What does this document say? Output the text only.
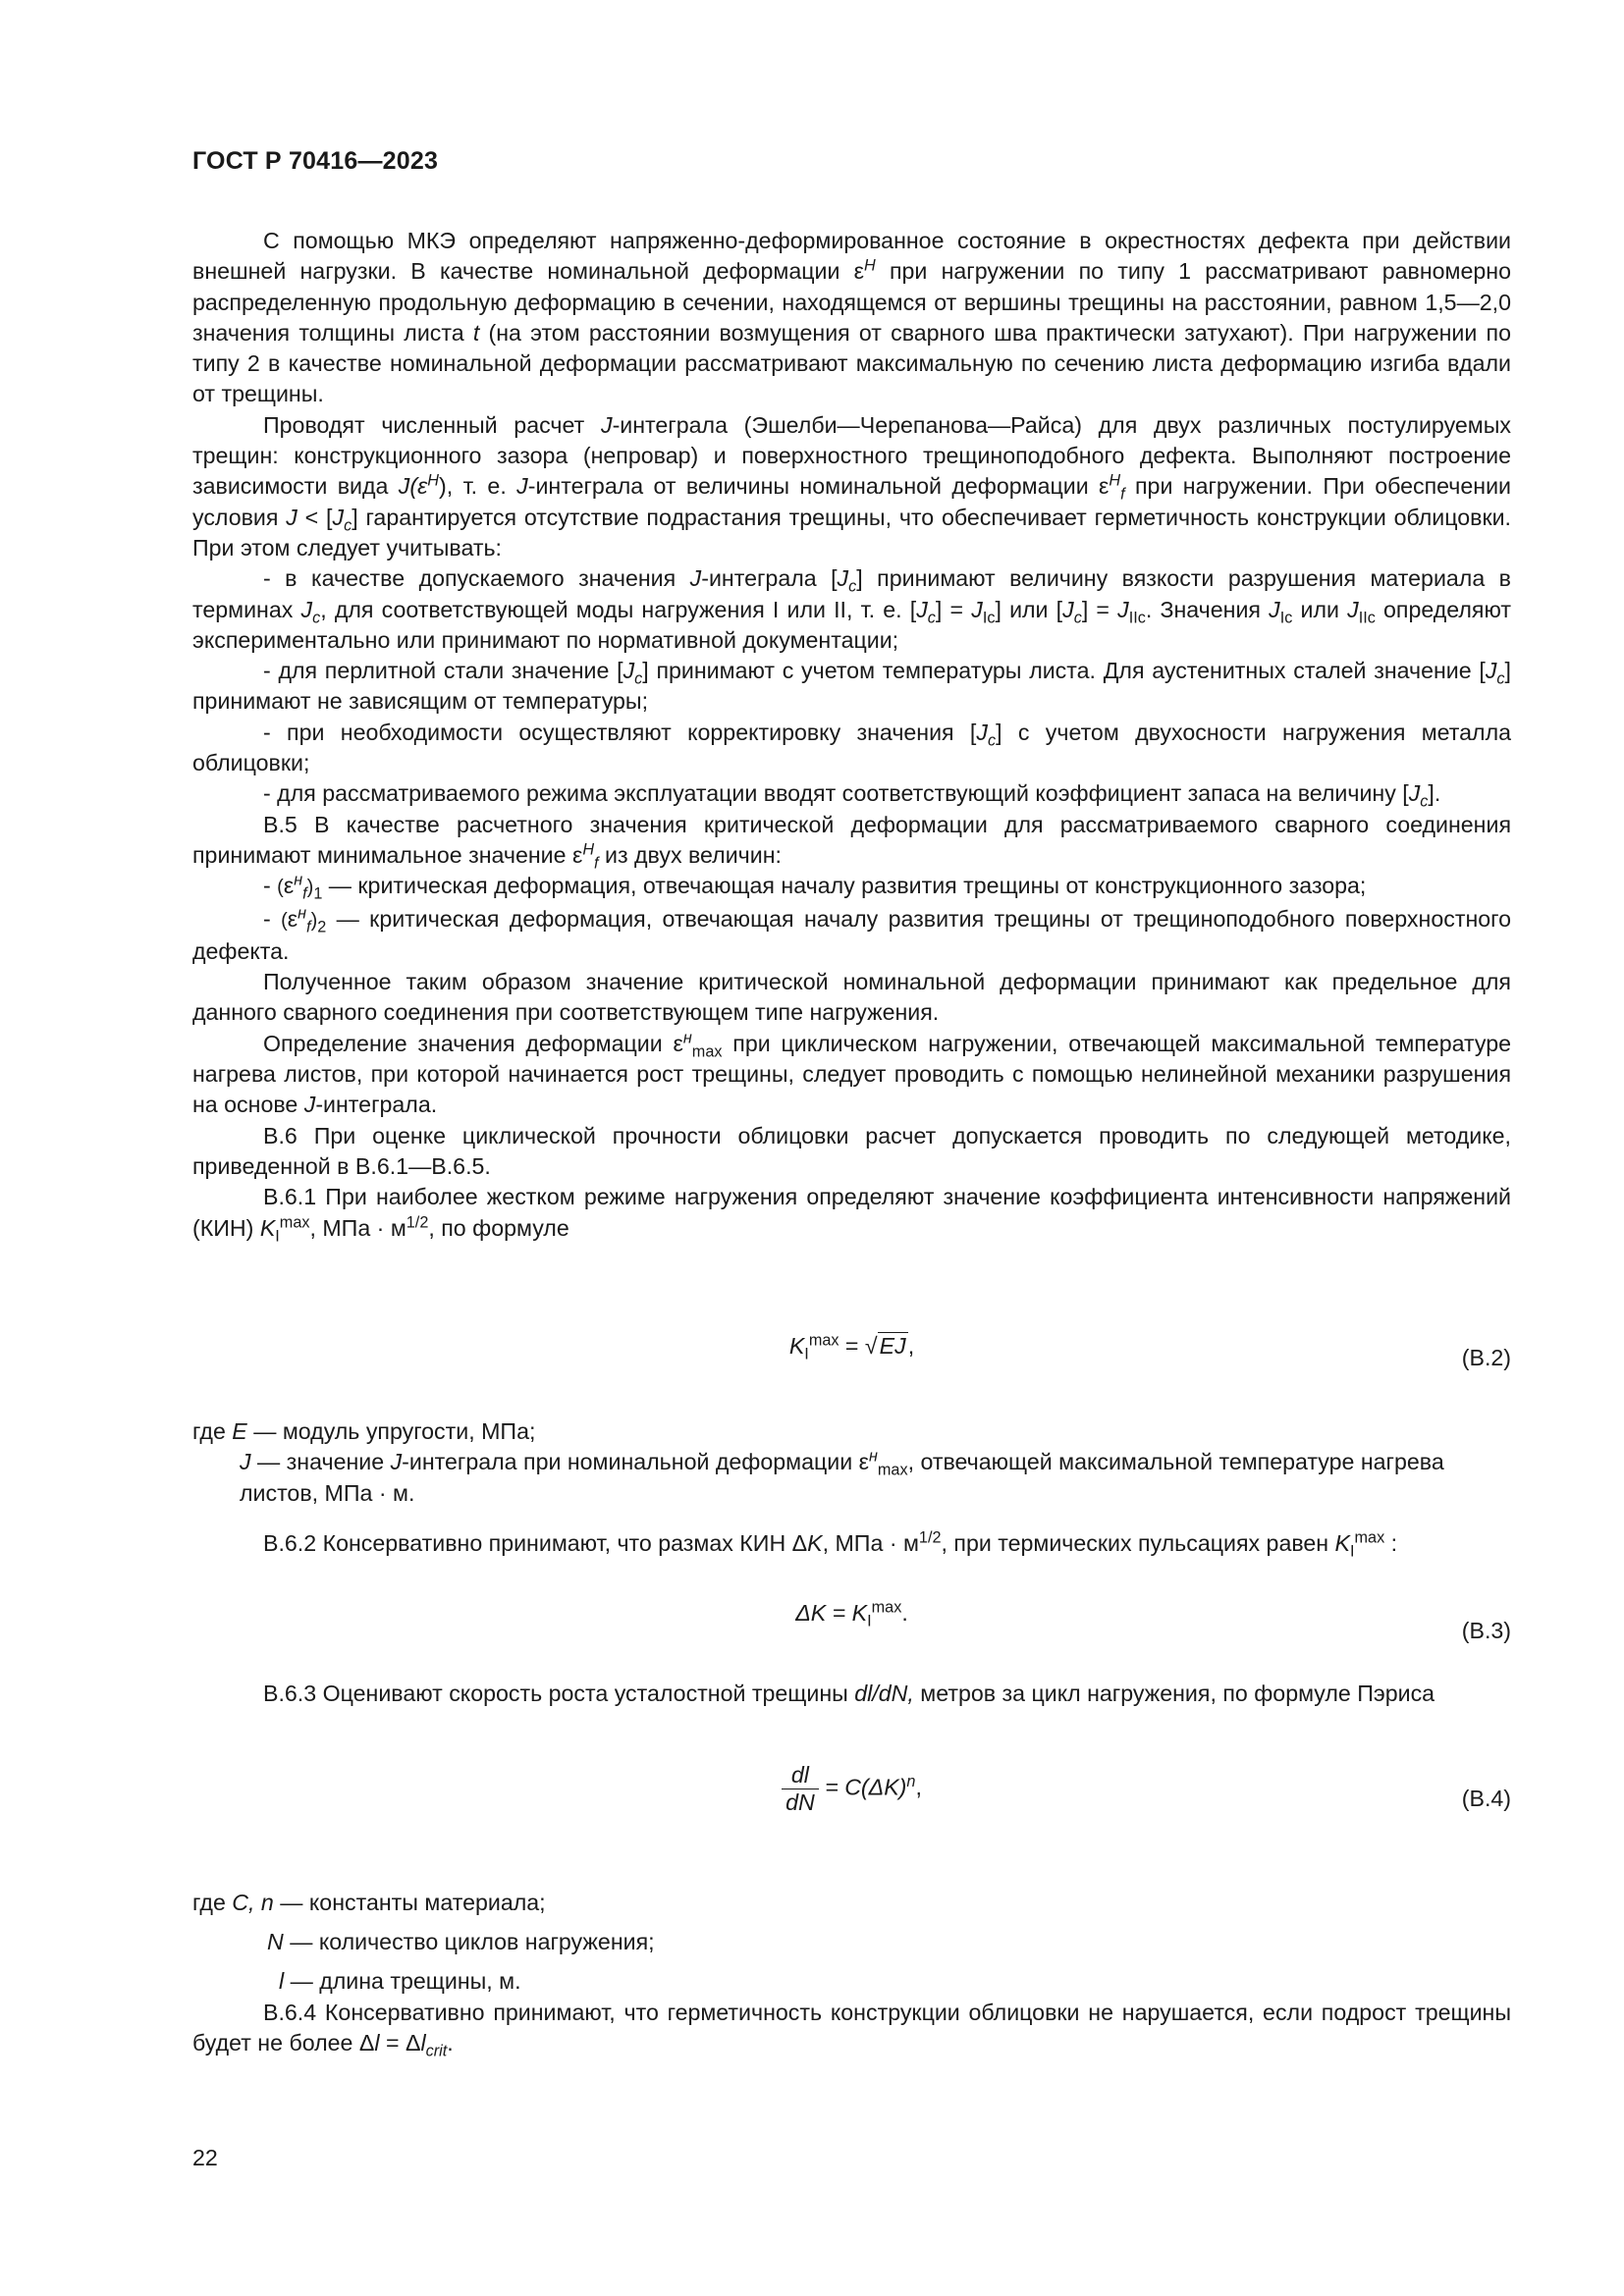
ГОСТ Р 70416—2023

С помощью МКЭ определяют напряженно-деформированное состояние в окрестностях дефекта при действии внешней нагрузки. В качестве номинальной деформации $\varepsilon^H$ при нагружении по типу 1 рассматривают равномерно распределенную продольную деформацию в сечении, находящемся от вершины трещины на расстоянии, равном 1,5—2,0 значения толщины листа t (на этом расстоянии возмущения от сварного шва практически затухают). При нагружении по типу 2 в качестве номинальной деформации рассматривают максимальную по сечению листа деформацию изгиба вдали от трещины.

Проводят численный расчет J-интеграла (Эшелби—Черепанова—Райса) для двух различных постулируемых трещин: конструкционного зазора (непровар) и поверхностного трещиноподобного дефекта. Выполняют построение зависимости вида $J(\varepsilon^H)$, т. е. J-интеграла от величины номинальной деформации $\varepsilon^H_f$ при нагружении. При обеспечении условия $J < [J_c]$ гарантируется отсутствие подрастания трещины, что обеспечивает герметичность конструкции облицовки. При этом следует учитывать:

- в качестве допускаемого значения J-интеграла $[J_c]$ принимают величину вязкости разрушения материала в терминах $J_c$, для соответствующей моды нагружения I или II, т. е. $[J_c] = J_{Ic}$] или $[J_c] = J_{IIc}$. Значения $J_{Ic}$ или $J_{IIc}$ определяют экспериментально или принимают по нормативной документации;

- для перлитной стали значение $[J_c]$ принимают с учетом температуры листа. Для аустенитных сталей значение $[J_c]$ принимают не зависящим от температуры;

- при необходимости осуществляют корректировку значения $[J_c]$ с учетом двухосности нагружения металла облицовки;

- для рассматриваемого режима эксплуатации вводят соответствующий коэффициент запаса на величину $[J_c]$.

В.5 В качестве расчетного значения критической деформации для рассматриваемого сварного соединения принимают минимальное значение $\varepsilon^H_f$ из двух величин:

- $(\varepsilon^н_f)_1$ — критическая деформация, отвечающая началу развития трещины от конструкционного зазора;

- $(\varepsilon^н_f)_2$ — критическая деформация, отвечающая началу развития трещины от трещиноподобного поверхностного дефекта.

Полученное таким образом значение критической номинальной деформации принимают как предельное для данного сварного соединения при соответствующем типе нагружения.

Определение значения деформации $\varepsilon^н_{max}$ при циклическом нагружении, отвечающей максимальной температуре нагрева листов, при которой начинается рост трещины, следует проводить с помощью нелинейной механики разрушения на основе J-интеграла.

В.6 При оценке циклической прочности облицовки расчет допускается проводить по следующей методике, приведенной в В.6.1—В.6.5.

В.6.1 При наиболее жестком режиме нагружения определяют значение коэффициента интенсивности напряжений (КИН) $K_I^{max}$, МПа · $м^{1/2}$, по формуле

$K_I^{max} = √EJ$,	(В.2)

где E — модуль упругости, МПа;

J — значение J-интеграла при номинальной деформации $\varepsilon^н_{max}$, отвечающей максимальной температуре нагрева листов, МПа · м.

В.6.2 Консервативно принимают, что размах КИН ΔK, МПа · $м^{1/2}$, при термических пульсациях равен $K_I^{max}$ :

$\Delta K = K_I^{max}$.
(В.3)

В.6.3 Оценивают скорость роста усталостной трещины dl/dN, метров за цикл нагружения, по формуле Пэриса

$\frac{dl}{dN} = C(\Delta K)^n$,	(В.4)

где C, n — константы материала;

N — количество циклов нагружения;

l — длина трещины, м.

В.6.4 Консервативно принимают, что герметичность конструкции облицовки не нарушается, если подрост трещины будет не более $\Delta l = \Delta l_{crit}$.

22
